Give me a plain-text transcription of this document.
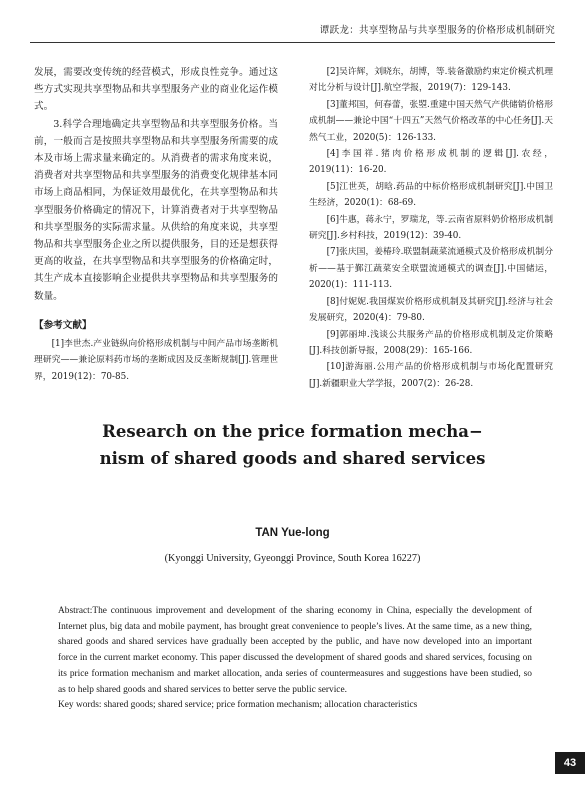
谭跃龙：共享型物品与共享型服务的价格形成机制研究

发展，需要改变传统的经营模式，形成良性竞争。通过这些方式实现共享型物品和共享型服务产业的商业化运作模式。

3.科学合理地确定共享型物品和共享型服务价格。当前，一般而言是按照共享型物品和共享型服务所需要的成本及市场上需求量来确定的。从消费者的需求角度来说，消费者对共享型物品和共享型服务的消费变化规律基本同市场上商品相同，为保证效用最优化，在共享型物品和共享型服务价格确定的情况下，计算消费者对于共享型物品和共享型服务的实际需求量。从供给的角度来说，共享型物品和共享型服务企业之所以提供服务，目的还是想获得更高的收益，在共享型物品和共享型服务的价格确定时，其生产成本直接影响企业提供共享型物品和共享型服务的数量。

【参考文献】

[1]李世杰.产业链纵向价格形成机制与中间产品市场垄断机理研究——兼论原料药市场的垄断成因及反垄断规制[J].管理世界，2019(12)：70-85.

[2]吴许辉，刘晓东，胡博，等.装备激励约束定价模式机理对比分析与设计[J].航空学报，2019(7)：129-143.

[3]董邦国，何春蕾，张曌.重建中国天然气产供储销价格形成机制——兼论中国“十四五”天然气价格改革的中心任务[J].天然气工业，2020(5)：126-133.

[4]李国祥.猪肉价格形成机制的逻辑[J].农经，2019(11)：16-20.

[5]江世英，胡晗.药品的中标价格形成机制研究[J].中国卫生经济，2020(1)：68-69.

[6]牛惠，蒋永宁，罗瑞龙，等.云南省原料奶价格形成机制研究[J].乡村科技，2019(12)：39-40.

[7]张庆国，姜椿玲.联盟制蔬菜流通模式及价格形成机制分析——基于鄞江蔬菜安全联盟流通模式的调查[J].中国储运，2020(1)：111-113.

[8]付妮妮.我国煤炭价格形成机制及其研究[J].经济与社会发展研究，2020(4)：79-80.

[9]郭丽坤.浅谈公共服务产品的价格形成机制及定价策略[J].科技创新导报，2008(29)：165-166.

[10]游海丽.公用产品的价格形成机制与市场化配置研究[J].新疆职业大学学报，2007(2)：26-28.

Research on the price formation mecha−
nism of shared goods and shared services
TAN Yue-long
(Kyonggi University, Gyeonggi Province, South Korea 16227)

Abstract:The continuous improvement and development of the sharing economy in China, especially the development of Internet plus, big data and mobile payment, has brought great convenience to people’s lives. At the same time, as a new thing, shared goods and shared services have gradually been accepted by the public, and have now developed into an important force in the current market economy. This paper discussed the development of shared goods and shared services, focusing on its price formation mechanism and market allocation, anda series of countermeasures and suggestions have been studied, so as to help shared goods and shared services to better serve the public service.

Key words: shared goods; shared service; price formation mechanism; allocation characteristics

43
